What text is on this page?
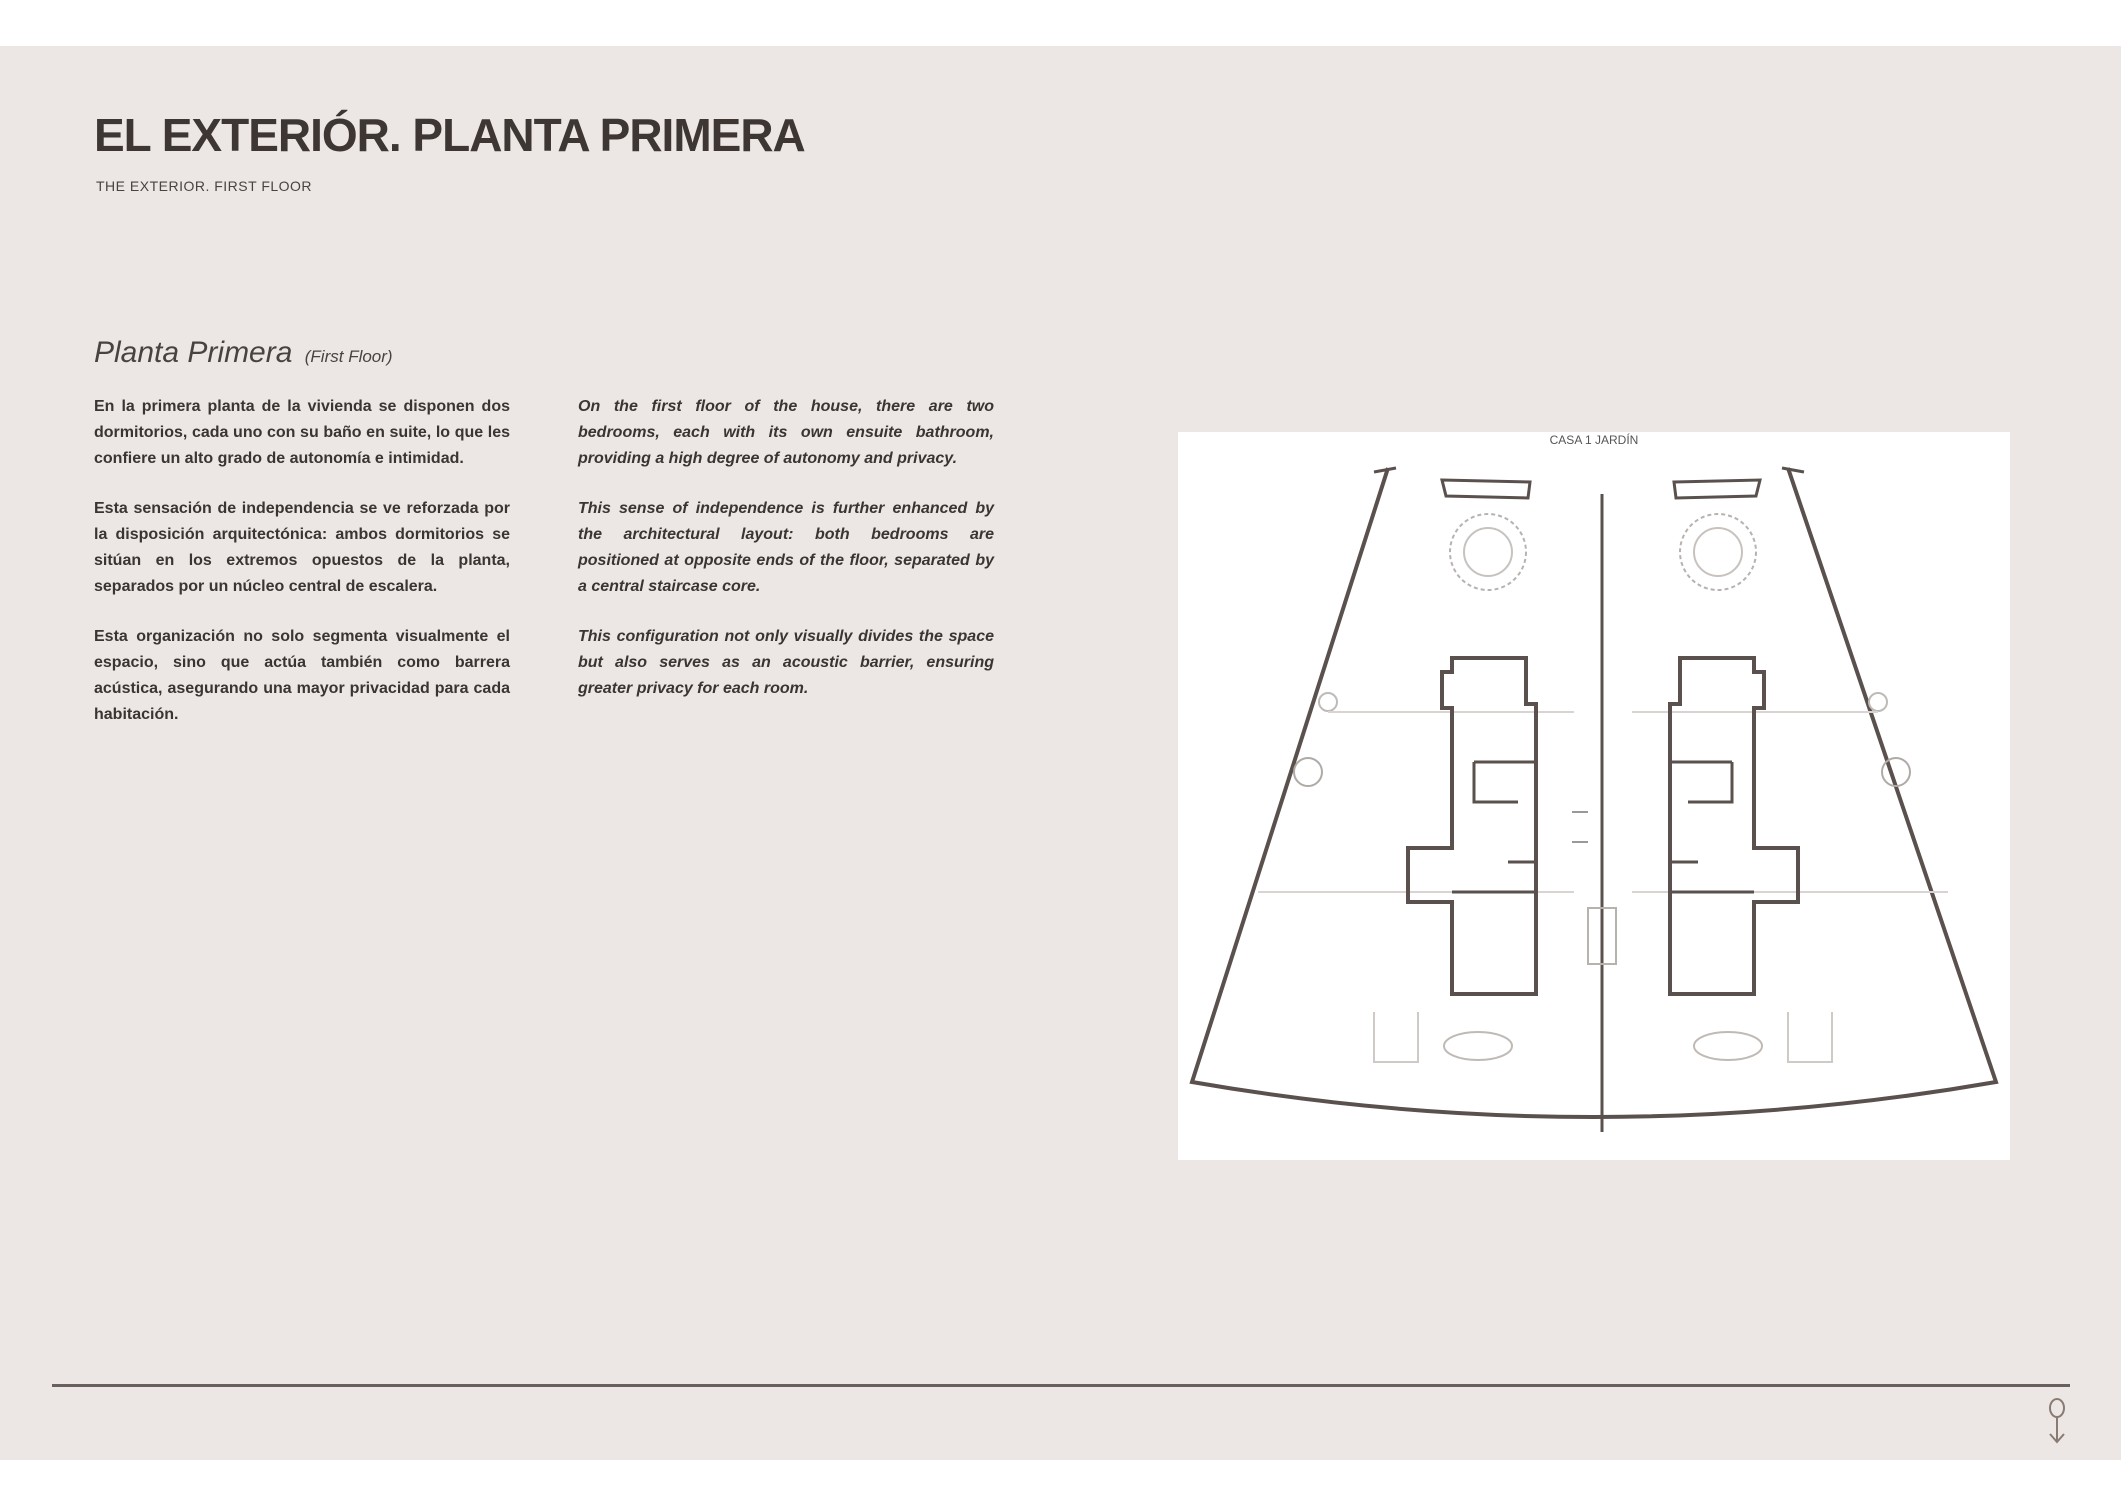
EL EXTERIÓR. PLANTA PRIMERA
THE EXTERIOR. FIRST FLOOR
Planta Primera (First Floor)

En la primera planta de la vivienda se disponen dos dormitorios, cada uno con su baño en suite, lo que les confiere un alto grado de autonomía e intimidad.

Esta sensación de independencia se ve reforzada por la disposición arquitectónica: ambos dormitorios se sitúan en los extremos opuestos de la planta, separados por un núcleo central de escalera.

Esta organización no solo segmenta visualmente el espacio, sino que actúa también como barrera acústica, asegurando una mayor privacidad para cada habitación.

On the first floor of the house, there are two bedrooms, each with its own ensuite bathroom, providing a high degree of autonomy and privacy.

This sense of independence is further enhanced by the architectural layout: both bedrooms are positioned at opposite ends of the floor, separated by a central staircase core.

This configuration not only visually divides the space but also serves as an acoustic barrier, ensuring greater privacy for each room.

CASA 1 JARDÍN
